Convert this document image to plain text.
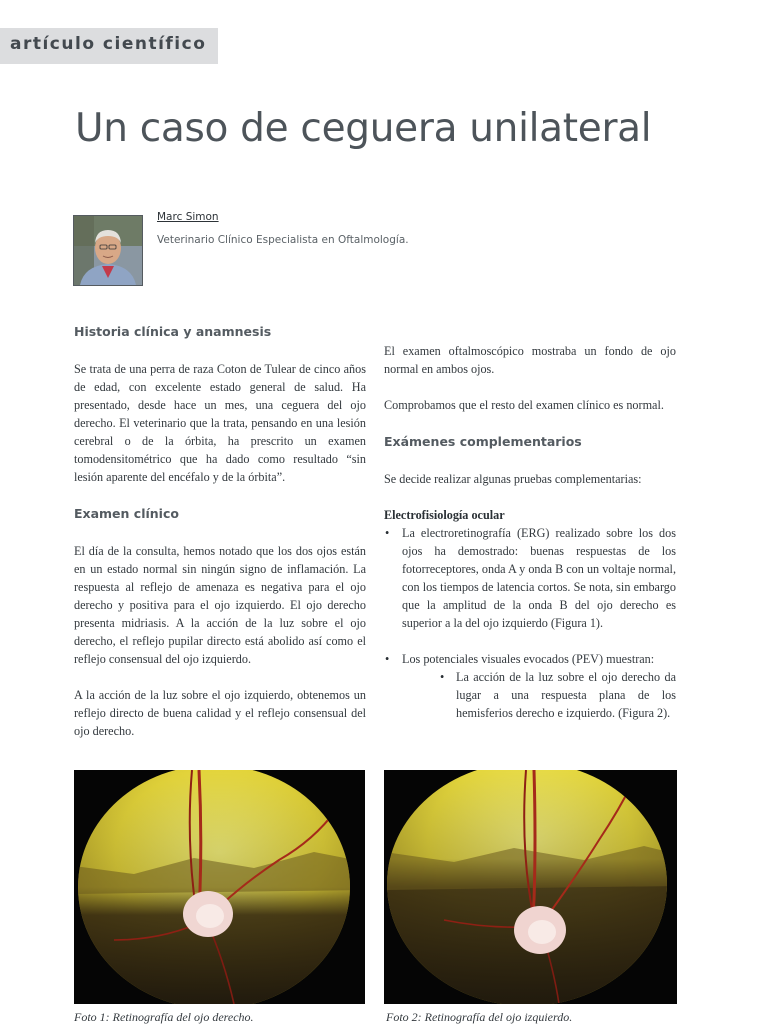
artículo científico
Un caso de ceguera unilateral
Marc Simon
Veterinario Clínico Especialista en Oftalmología.
Historia clínica y anamnesis

Se trata de una perra de raza Coton de Tulear de cinco años de edad, con excelente estado general de salud. Ha presentado, desde hace un mes, una ceguera del ojo derecho. El veterinario que la trata, pensando en una lesión cerebral o de la órbita, ha prescrito un examen tomodensitométrico que ha dado como resultado “sin lesión aparente del encéfalo y de la órbita”.

Examen clínico

El día de la consulta, hemos notado que los dos ojos están en un estado normal sin ningún signo de inflamación. La respuesta al reflejo de amenaza es negativa para el ojo derecho y positiva para el ojo izquierdo. El ojo derecho presenta midriasis. A la acción de la luz sobre el ojo derecho, el reflejo pupilar directo está abolido así como el reflejo consensual del ojo izquierdo.

A la acción de la luz sobre el ojo izquierdo, obtenemos un reflejo directo de buena calidad y el reflejo consensual del ojo derecho.

El examen oftalmoscópico mostraba un fondo de ojo normal en ambos ojos.

Comprobamos que el resto del examen clínico es normal.

Exámenes complementarios

Se decide realizar algunas pruebas complementarias:

Electrofisiología ocular
• La electroretinografía (ERG) realizado sobre los dos ojos ha demostrado: buenas respuestas de los fotorreceptores, onda A y onda B con un voltaje normal, con los tiempos de latencia cortos. Se nota, sin embargo que la amplitud de la onda B del ojo derecho es superior a la del ojo izquierdo (Figura 1).
• Los potenciales visuales evocados (PEV) muestran:
• La acción de la luz sobre el ojo derecho da lugar a una respuesta plana de los hemisferios derecho e izquierdo. (Figura 2).
Foto 1: Retinografía del ojo derecho.	Foto 2: Retinografía del ojo izquierdo.
